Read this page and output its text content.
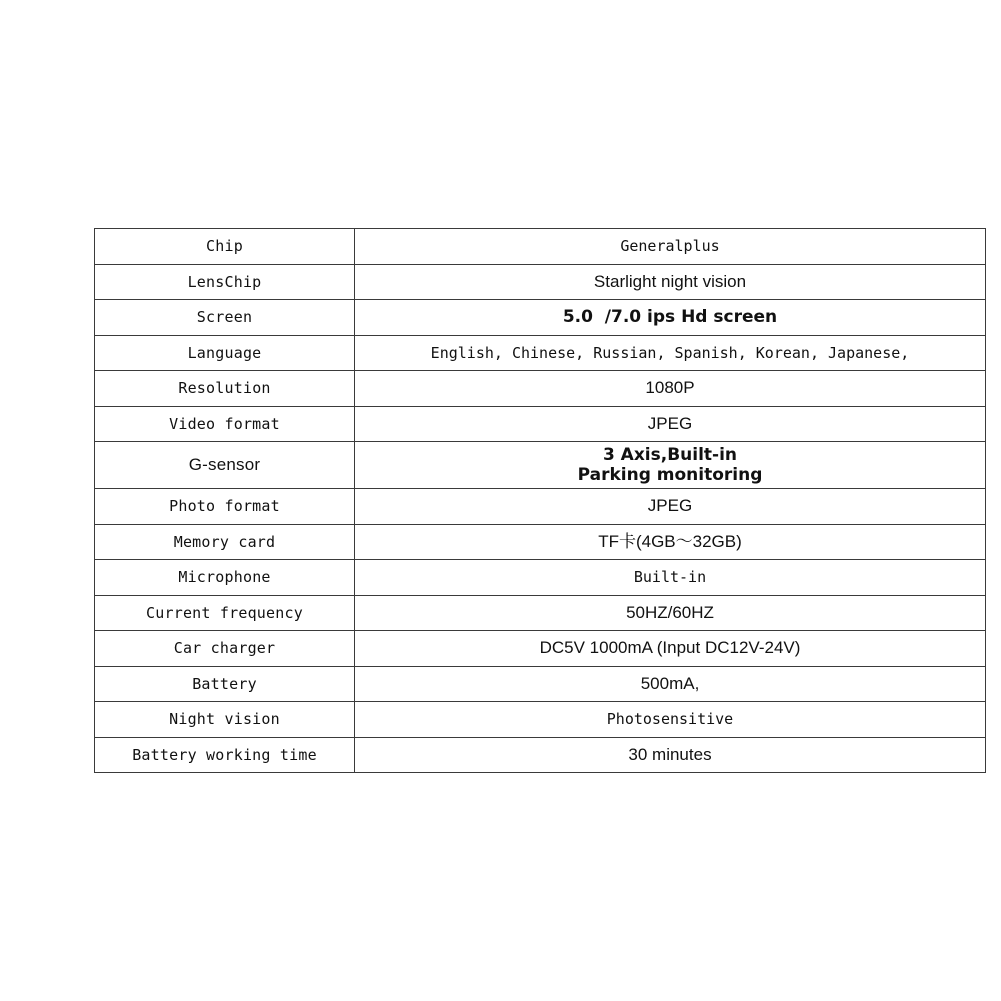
Chip	Generalplus
LensChip	Starlight night vision
Screen	5.0  /7.0 ips Hd screen
Language	English, Chinese, Russian, Spanish, Korean, Japanese,
Resolution	1080P
Video format	JPEG
G-sensor	3 Axis,Built-in
Parking monitoring

Photo format	JPEG
Memory card	TF卡(4GB～32GB)
Microphone	Built-in
Current frequency	50HZ/60HZ
Car charger	DC5V 1000mA (Input DC12V-24V)
Battery	500mA,
Night vision	Photosensitive
Battery working time	30 minutes
